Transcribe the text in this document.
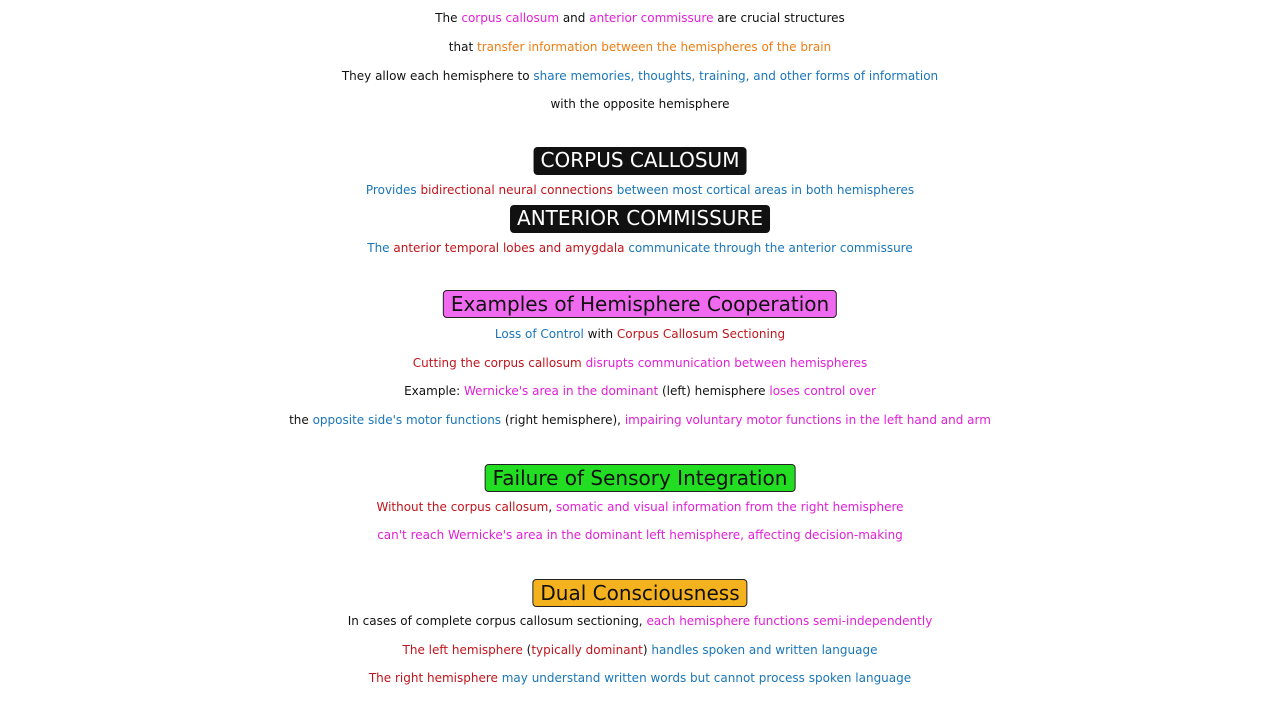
The corpus callosum and anterior commissure are crucial structures
that transfer information between the hemispheres of the brain
They allow each hemisphere to share memories, thoughts, training, and other forms of information
with the opposite hemisphere
CORPUS CALLOSUM
Provides bidirectional neural connections between most cortical areas in both hemispheres
ANTERIOR COMMISSURE
The anterior temporal lobes and amygdala communicate through the anterior commissure
Examples of Hemisphere Cooperation
Loss of Control with Corpus Callosum Sectioning
Cutting the corpus callosum disrupts communication between hemispheres
Example: Wernicke's area in the dominant (left) hemisphere loses control over
the opposite side's motor functions (right hemisphere), impairing voluntary motor functions in the left hand and arm
Failure of Sensory Integration
Without the corpus callosum, somatic and visual information from the right hemisphere
can't reach Wernicke's area in the dominant left hemisphere, affecting decision-making
Dual Consciousness
In cases of complete corpus callosum sectioning, each hemisphere functions semi-independently
The left hemisphere (typically dominant) handles spoken and written language
The right hemisphere may understand written words but cannot process spoken language
